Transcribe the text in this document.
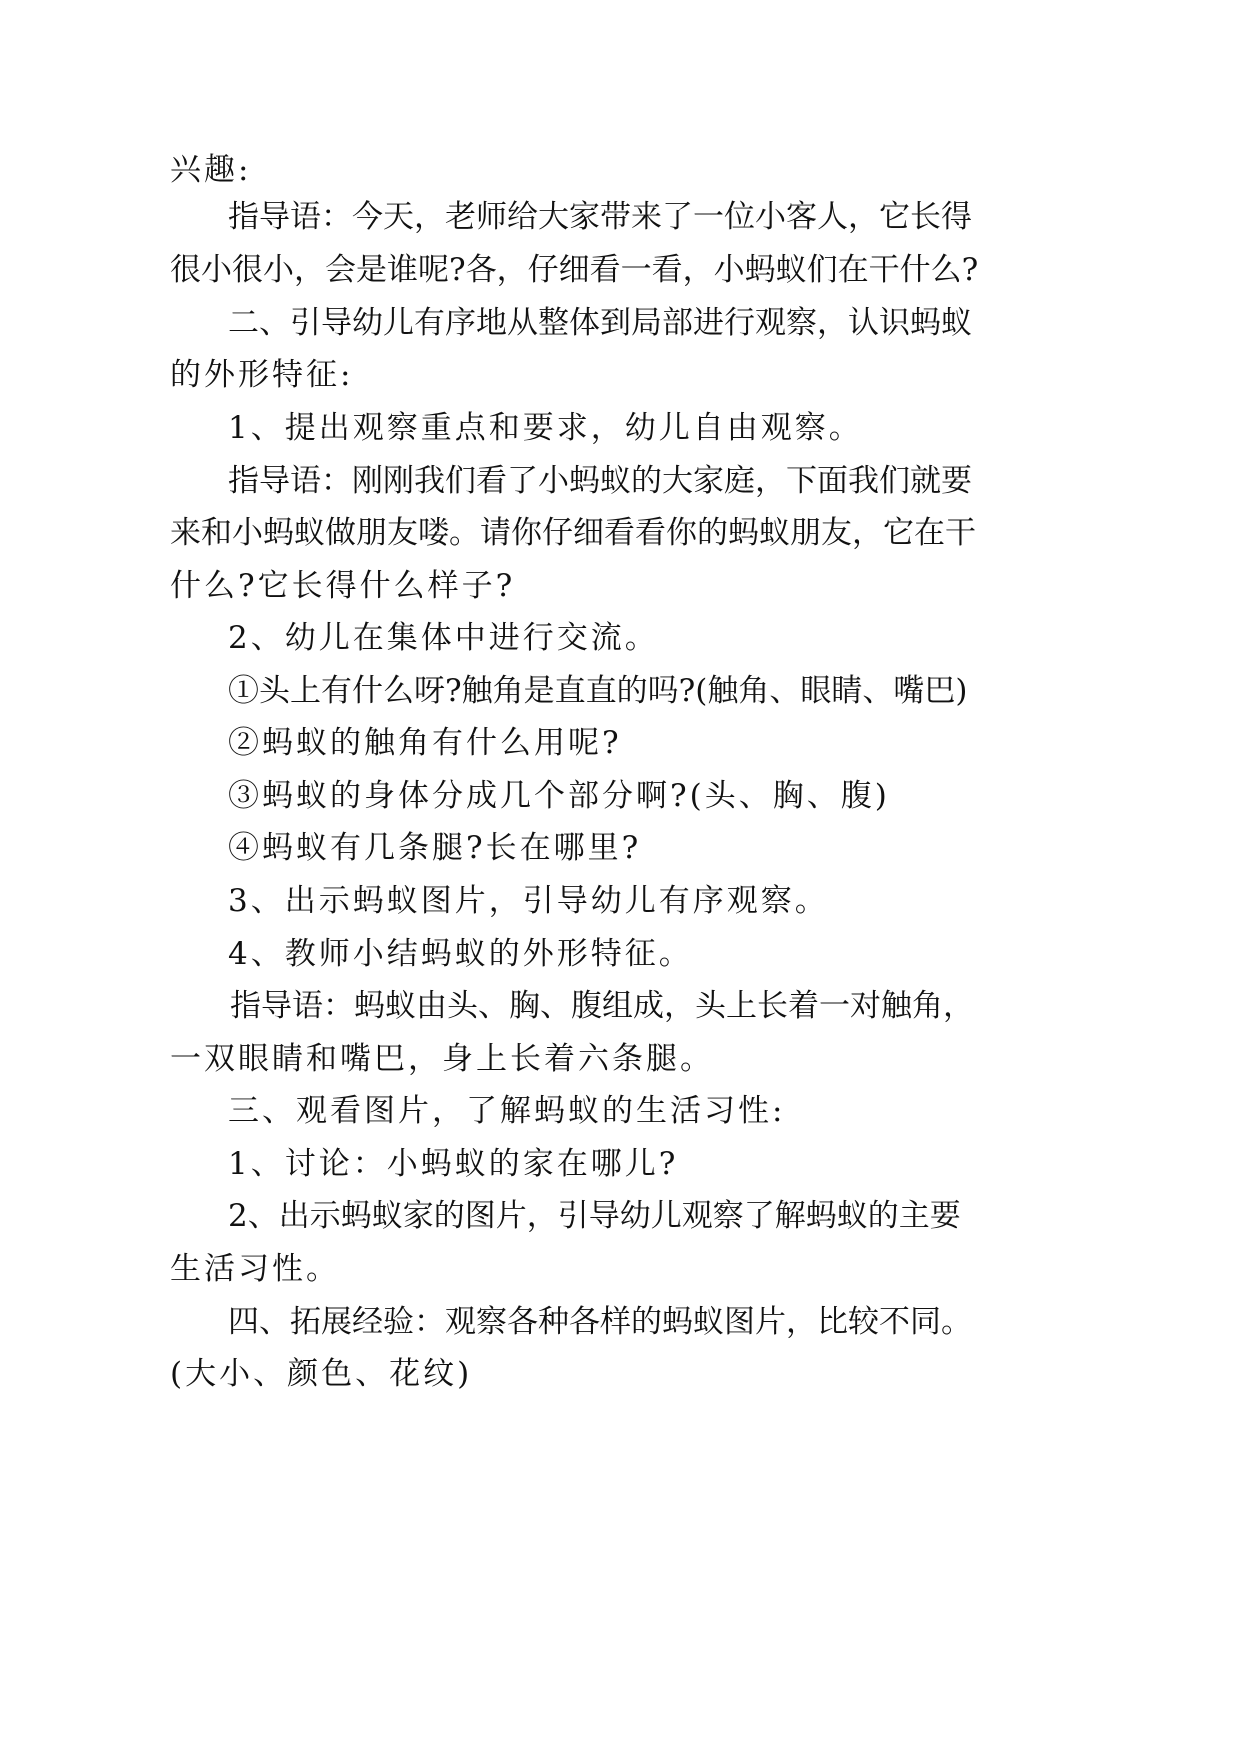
兴趣:
指导语：今天，老师给大家带来了一位小客人，它长得
很小很小，会是谁呢?各，仔细看一看，小蚂蚁们在干什么?
二、引导幼儿有序地从整体到局部进行观察，认识蚂蚁
的外形特征:
1、提出观察重点和要求，幼儿自由观察。
指导语：刚刚我们看了小蚂蚁的大家庭，下面我们就要
来和小蚂蚁做朋友喽。请你仔细看看你的蚂蚁朋友，它在干
什么?它长得什么样子?
2、幼儿在集体中进行交流。
①头上有什么呀?触角是直直的吗?(触角、眼睛、嘴巴)
②蚂蚁的触角有什么用呢?
③蚂蚁的身体分成几个部分啊?(头、胸、腹)
④蚂蚁有几条腿?长在哪里?
3、出示蚂蚁图片，引导幼儿有序观察。
4、教师小结蚂蚁的外形特征。
指导语：蚂蚁由头、胸、腹组成，头上长着一对触角，
一双眼睛和嘴巴，身上长着六条腿。
三、观看图片，了解蚂蚁的生活习性:
1、讨论：小蚂蚁的家在哪儿?
2、出示蚂蚁家的图片，引导幼儿观察了解蚂蚁的主要
生活习性。
四、拓展经验：观察各种各样的蚂蚁图片，比较不同。
(大小、颜色、花纹)
